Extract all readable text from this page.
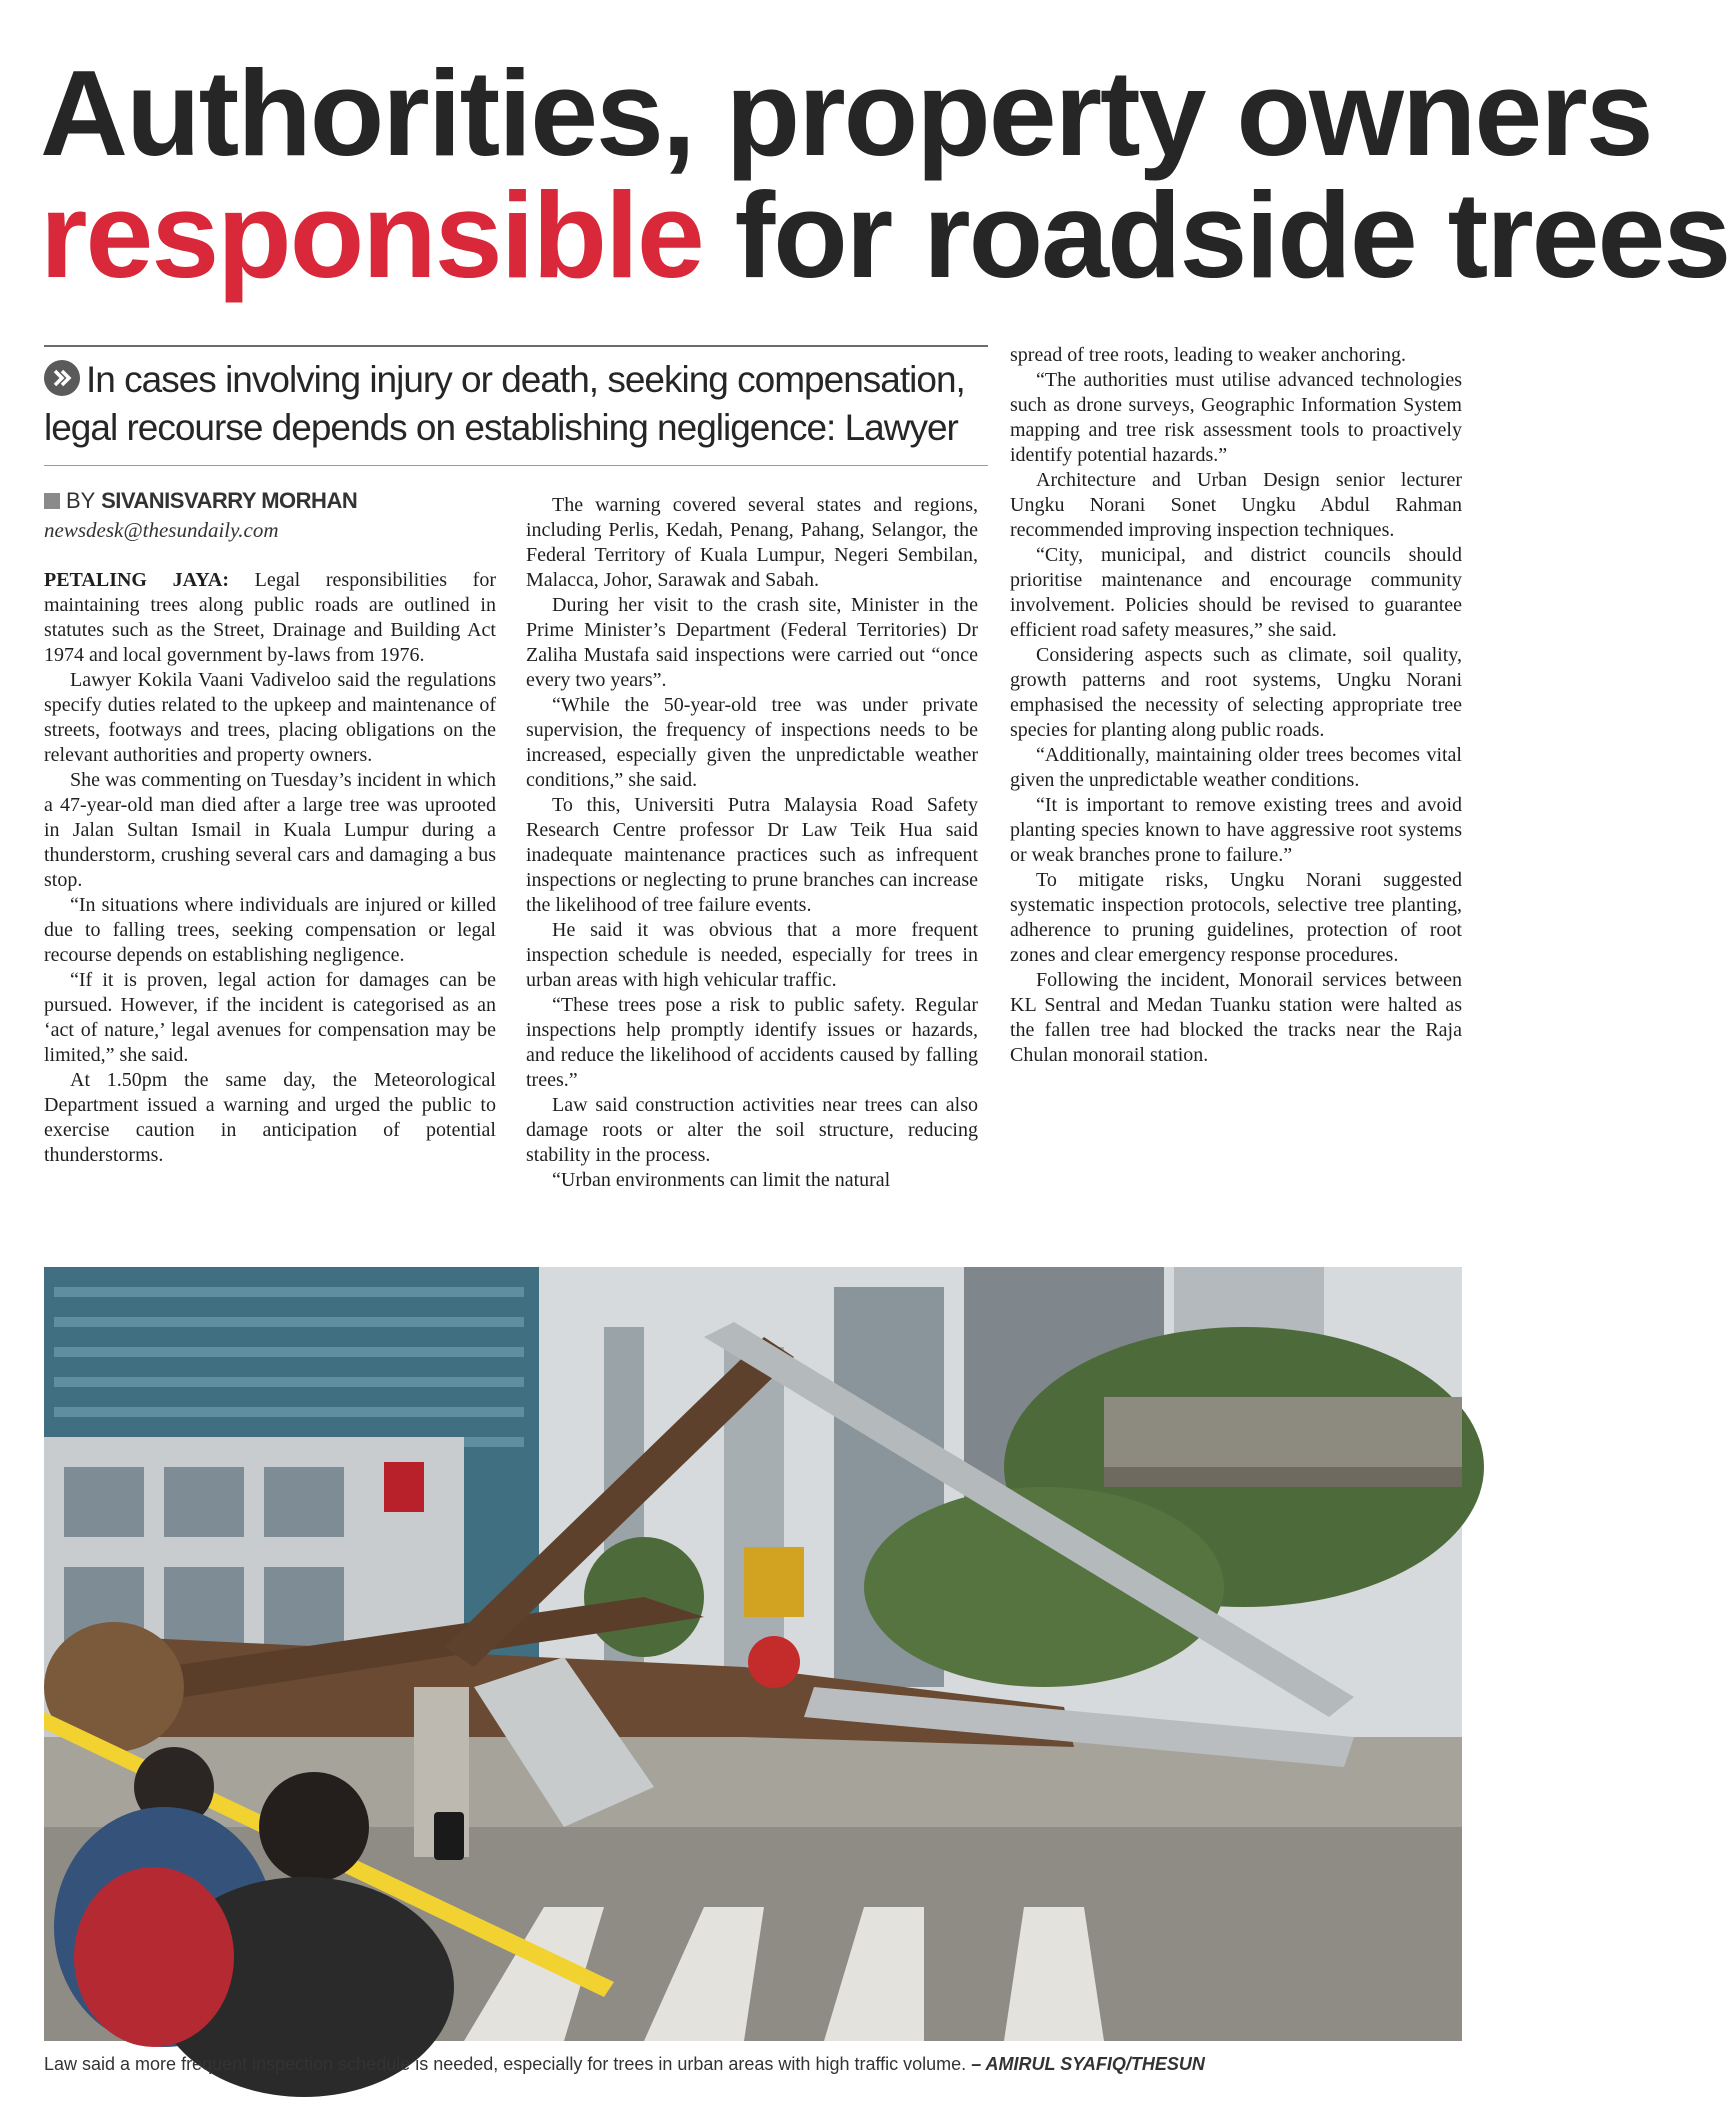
Authorities, property owners
responsible for roadside trees
In cases involving injury or death, seeking compensation,
legal recourse depends on establishing negligence: Lawyer
BY SIVANISVARRY MORHAN
newsdesk@thesundaily.com

PETALING JAYA: Legal responsibilities for maintaining trees along public roads are outlined in statutes such as the Street, Drainage and Building Act 1974 and local government by-laws from 1976.

Lawyer Kokila Vaani Vadiveloo said the regulations specify duties related to the upkeep and maintenance of streets, footways and trees, placing obligations on the relevant authorities and property owners.

She was commenting on Tuesday’s incident in which a 47-year-old man died after a large tree was uprooted in Jalan Sultan Ismail in Kuala Lumpur during a thunderstorm, crushing several cars and damaging a bus stop.

“In situations where individuals are injured or killed due to falling trees, seeking compensation or legal recourse depends on establishing negligence.

“If it is proven, legal action for damages can be pursued. However, if the incident is categorised as an ‘act of nature,’ legal avenues for compensation may be limited,” she said.

At 1.50pm the same day, the Meteorological Department issued a warning and urged the public to exercise caution in anticipation of potential thunderstorms.

The warning covered several states and regions, including Perlis, Kedah, Penang, Pahang, Selangor, the Federal Territory of Kuala Lumpur, Negeri Sembilan, Malacca, Johor, Sarawak and Sabah.

During her visit to the crash site, Minister in the Prime Minister’s Department (Federal Territories) Dr Zaliha Mustafa said inspections were carried out “once every two years”.

“While the 50-year-old tree was under private supervision, the frequency of inspections needs to be increased, especially given the unpredictable weather conditions,” she said.

To this, Universiti Putra Malaysia Road Safety Research Centre professor Dr Law Teik Hua said inadequate maintenance practices such as infrequent inspections or neglecting to prune branches can increase the likelihood of tree failure events.

He said it was obvious that a more frequent inspection schedule is needed, especially for trees in urban areas with high vehicular traffic.

“These trees pose a risk to public safety. Regular inspections help promptly identify issues or hazards, and reduce the likelihood of accidents caused by falling trees.”

Law said construction activities near trees can also damage roots or alter the soil structure, reducing stability in the process.

“Urban environments can limit the natural

spread of tree roots, leading to weaker anchoring.

“The authorities must utilise advanced technologies such as drone surveys, Geographic Information System mapping and tree risk assessment tools to proactively identify potential hazards.”

Architecture and Urban Design senior lecturer Ungku Norani Sonet Ungku Abdul Rahman recommended improving inspection techniques.

“City, municipal, and district councils should prioritise maintenance and encourage community involvement. Policies should be revised to guarantee efficient road safety measures,” she said.

Considering aspects such as climate, soil quality, growth patterns and root systems, Ungku Norani emphasised the necessity of selecting appropriate tree species for planting along public roads.

“Additionally, maintaining older trees becomes vital given the unpredictable weather conditions.

“It is important to remove existing trees and avoid planting species known to have aggressive root systems or weak branches prone to failure.”

To mitigate risks, Ungku Norani suggested systematic inspection protocols, selective tree planting, adherence to pruning guidelines, protection of root zones and clear emergency response procedures.

Following the incident, Monorail services between KL Sentral and Medan Tuanku station were halted as the fallen tree had blocked the tracks near the Raja Chulan monorail station.

Law said a more frequent inspection schedule is needed, especially for trees in urban areas with high traffic volume. – AMIRUL SYAFIQ/THESUN
